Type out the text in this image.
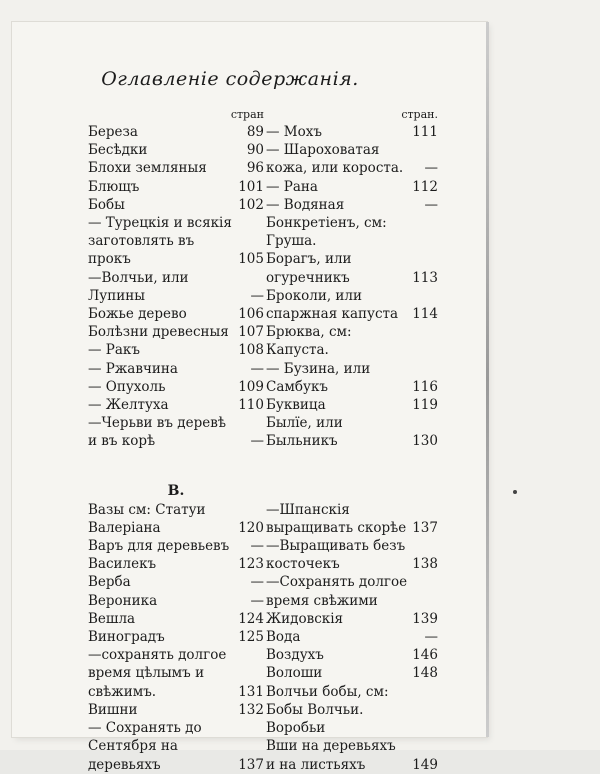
Оглавленіе содержанія.
стран
Береза	89
Бесѣдки	90
Блохи земляныя	96
Блющъ	101
Бобы	102
— Турецкія и всякія заготовлять въ прокъ	105
—Волчьи, или Лупины	—
Божье дерево	106
Болѣзни древесныя 107
— Ракъ	108
— Ржавчина	—
— Опухоль	109
— Желтуха	110
—Черьви въ деревѣ и въ корѣ	—
В.
Вазы см: Статуи
Валеріана	120
Варъ для деревьевъ	—
Василекъ	123
Верба	—
Вероника	—
Вешла	124
Виноградъ	125
—сохранять долгое время цѣлымъ и свѣжимъ.	131
Вишни	132
— Сохранять до Сентября на деревьяхъ	137
стран.
— Мохъ	111
— Шароховатая кожа, или короста.	—
— Рана	112
— Водяная	—
Бонкретіенъ, см: Груша.
Борагъ, или огуречникъ	113
Броколи, или спаржная капуста	114
Брюква, см: Капуста.
— Бузина, или Самбукъ	116
Буквица	119
Былїе, или Быльникъ	130
—Шпанскія выращивать скорѣе 137
—Выращивать безъ косточекъ	138
—Сохранять долгое время свѣжими
Жидовскія	139
Вода	—
Воздухъ	146
Волоши	148
Волчьи бобы, см: Бобы Волчьи.
Воробьи
Вши на деревьяхъ и на листьяхъ	149
